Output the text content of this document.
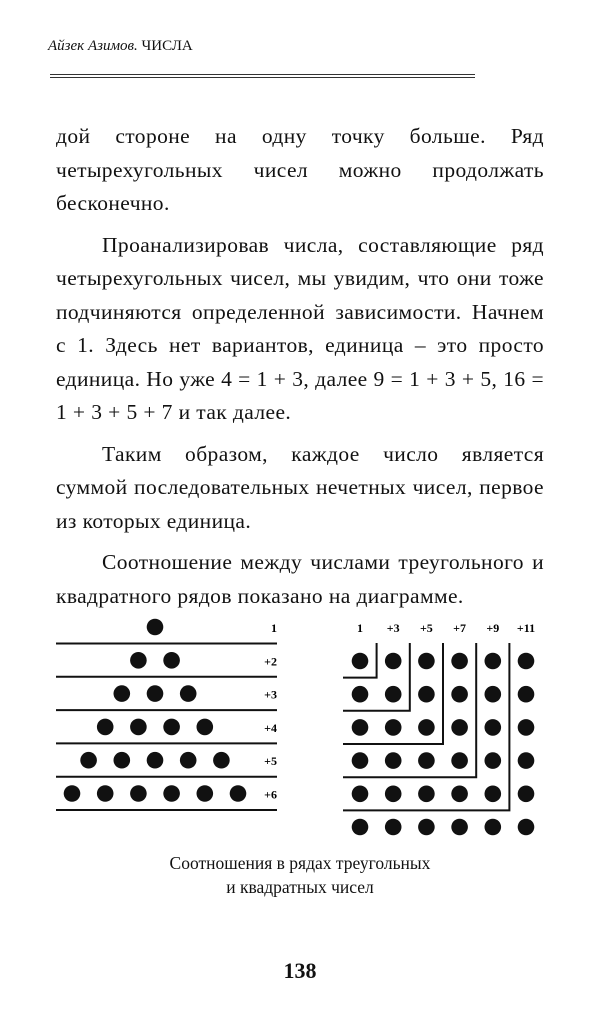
Айзек Азимов. ЧИСЛА

дой стороне на одну точку больше. Ряд четырехугольных чисел можно продолжать бесконечно.

Проанализировав числа, составляющие ряд четырехугольных чисел, мы увидим, что они тоже подчиняются определенной зависимости. Начнем с 1. Здесь нет вариантов, единица – это просто единица. Но уже 4 = 1 + 3, далее 9 = 1 + 3 + 5, 16 = 1 + 3 + 5 + 7 и так далее.

Таким образом, каждое число является суммой последовательных нечетных чисел, первое из которых единица.

Соотношение между числами треугольного и квадратного рядов показано на диаграмме.

1
+2
+3
+4
+5
+6
1 +3 +5 +7 +9 +11
Соотношения в рядах треугольных
и квадратных чисел
138
